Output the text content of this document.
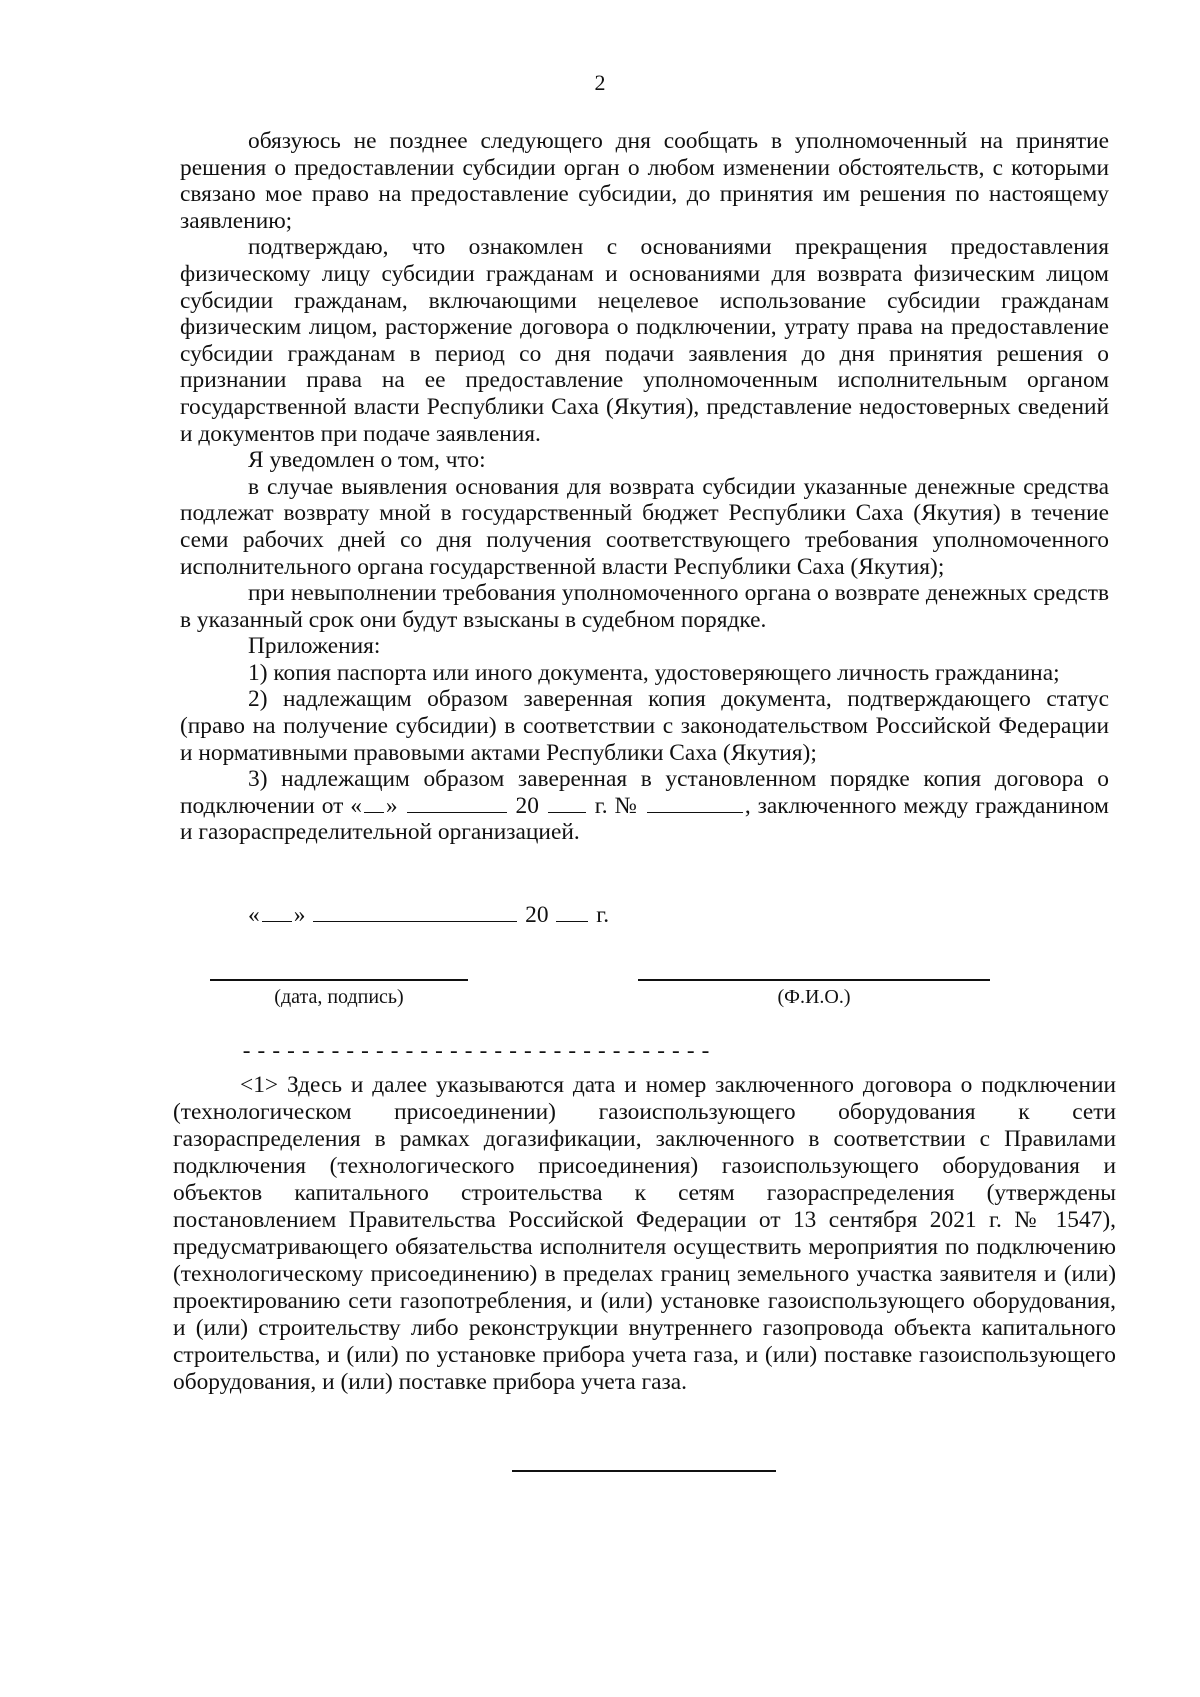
2

обязуюсь не позднее следующего дня сообщать в уполномоченный на принятие решения о предоставлении субсидии орган о любом изменении обстоятельств, с которыми связано мое право на предоставление субсидии, до принятия им решения по настоящему заявлению;

подтверждаю, что ознакомлен с основаниями прекращения предоставления физическому лицу субсидии гражданам и основаниями для возврата физическим лицом субсидии гражданам, включающими нецелевое использование субсидии гражданам физическим лицом, расторжение договора о подключении, утрату права на предоставление субсидии гражданам в период со дня подачи заявления до дня принятия решения о признании права на ее предоставление уполномоченным исполнительным органом государственной власти Республики Саха (Якутия), представление недостоверных сведений и документов при подаче заявления.

Я уведомлен о том, что:

в случае выявления основания для возврата субсидии указанные денежные средства подлежат возврату мной в государственный бюджет Республики Саха (Якутия) в течение семи рабочих дней со дня получения соответствующего требования уполномоченного исполнительного органа государственной власти Республики Саха (Якутия);

при невыполнении требования уполномоченного органа о возврате денежных средств в указанный срок они будут взысканы в судебном порядке.

Приложения:

1) копия паспорта или иного документа, удостоверяющего личность гражданина;

2) надлежащим образом заверенная копия документа, подтверждающего статус (право на получение субсидии) в соответствии с законодательством Российской Федерации и нормативными правовыми актами Республики Саха (Якутия);

3) надлежащим образом заверенная в установленном порядке копия договора о подключении от « »	20 г. №	, заключенного между гражданином и газораспределительной организацией.

« »	20 г.
(дата, подпись)	(Ф.И.О.)
--------------------------------

<1> Здесь и далее указываются дата и номер заключенного договора о подключении (технологическом присоединении) газоиспользующего оборудования к сети газораспределения в рамках догазификации, заключенного в соответствии с Правилами подключения (технологического присоединения) газоиспользующего оборудования и объектов капитального строительства к сетям газораспределения (утверждены постановлением Правительства Российской Федерации от 13 сентября 2021 г. № 1547), предусматривающего обязательства исполнителя осуществить мероприятия по подключению (технологическому присоединению) в пределах границ земельного участка заявителя и (или) проектированию сети газопотребления, и (или) установке газоиспользующего оборудования, и (или) строительству либо реконструкции внутреннего газопровода объекта капитального строительства, и (или) по установке прибора учета газа, и (или) поставке газоиспользующего оборудования, и (или) поставке прибора учета газа.
